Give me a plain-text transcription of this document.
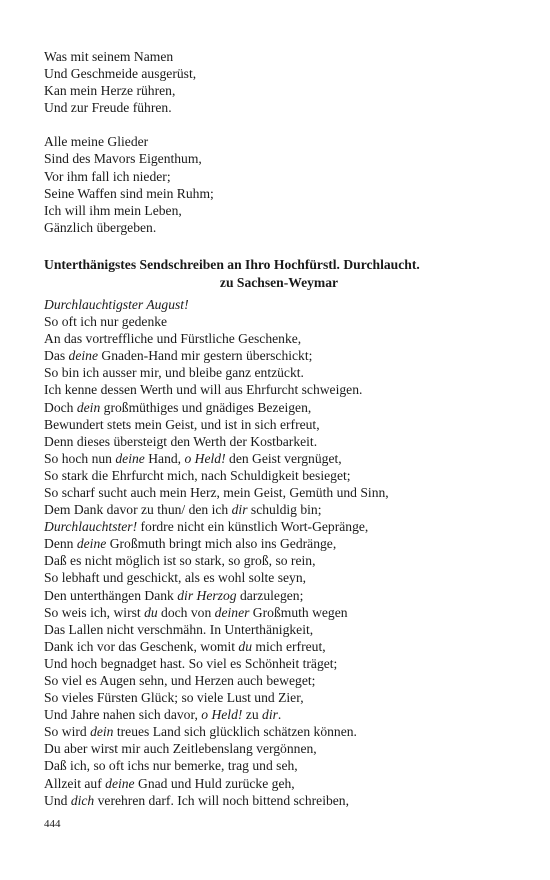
Was mit seinem Namen
Und Geschmeide ausgerüst,
Kan mein Herze rühren,
Und zur Freude führen.
Alle meine Glieder
Sind des Mavors Eigenthum,
Vor ihm fall ich nieder;
Seine Waffen sind mein Ruhm;
Ich will ihm mein Leben,
Gänzlich übergeben.
Unterthänigstes Sendschreiben an Ihro Hochfürstl. Durchlaucht.
zu Sachsen-Weymar
Durchlauchtigster August!
So oft ich nur gedenke
An das vortreffliche und Fürstliche Geschenke,
Das deine Gnaden-Hand mir gestern überschickt;
So bin ich ausser mir, und bleibe ganz entzückt.
Ich kenne dessen Werth und will aus Ehrfurcht schweigen.
Doch dein großmüthiges und gnädiges Bezeigen,
Bewundert stets mein Geist, und ist in sich erfreut,
Denn dieses übersteigt den Werth der Kostbarkeit.
So hoch nun deine Hand, o Held! den Geist vergnüget,
So stark die Ehrfurcht mich, nach Schuldigkeit besieget;
So scharf sucht auch mein Herz, mein Geist, Gemüth und Sinn,
Dem Dank davor zu thun/ den ich dir schuldig bin;
Durchlauchtster! fordre nicht ein künstlich Wort-Gepränge,
Denn deine Großmuth bringt mich also ins Gedränge,
Daß es nicht möglich ist so stark, so groß, so rein,
So lebhaft und geschickt, als es wohl solte seyn,
Den unterthängen Dank dir Herzog darzulegen;
So weis ich, wirst du doch von deiner Großmuth wegen
Das Lallen nicht verschmähn. In Unterthänigkeit,
Dank ich vor das Geschenk, womit du mich erfreut,
Und hoch begnadget hast. So viel es Schönheit träget;
So viel es Augen sehn, und Herzen auch beweget;
So vieles Fürsten Glück; so viele Lust und Zier,
Und Jahre nahen sich davor, o Held! zu dir.
So wird dein treues Land sich glücklich schätzen können.
Du aber wirst mir auch Zeitlebenslang vergönnen,
Daß ich, so oft ichs nur bemerke, trag und seh,
Allzeit auf deine Gnad und Huld zurücke geh,
Und dich verehren darf. Ich will noch bittend schreiben,
444
